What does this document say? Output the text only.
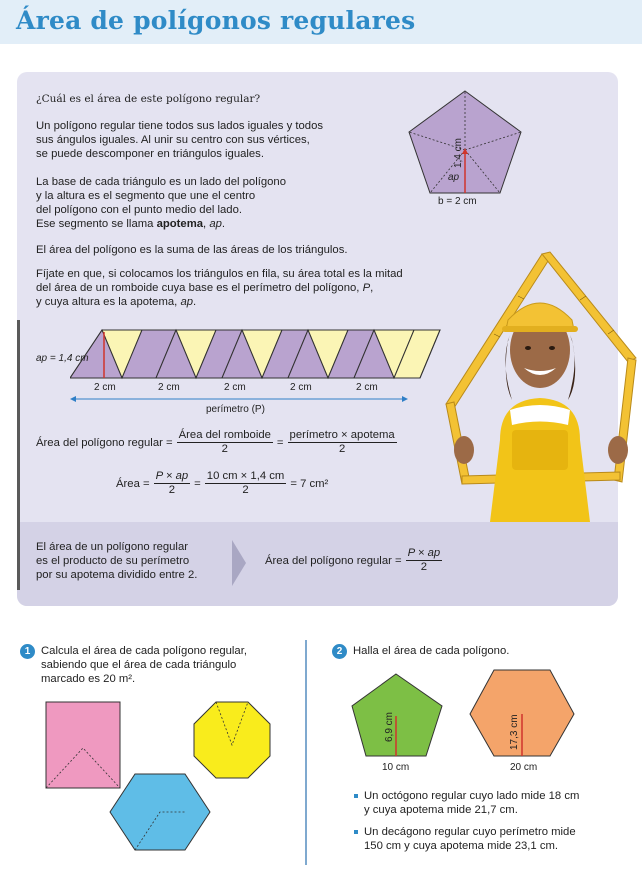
Área de polígonos regulares
¿Cuál es el área de este polígono regular?
Un polígono regular tiene todos sus lados iguales y todos
sus ángulos iguales. Al unir su centro con sus vértices,
se puede descomponer en triángulos iguales.
La base de cada triángulo es un lado del polígono
y la altura es el segmento que une el centro
del polígono con el punto medio del lado.
Ese segmento se llama apotema, ap.
El área del polígono es la suma de las áreas de los triángulos.
Fíjate en que, si colocamos los triángulos en fila, su área total es la mitad
del área de un romboide cuya base es el perímetro del polígono, P,
y cuya altura es la apotema, ap.
ap
1,4 cm
b = 2 cm
ap = 1,4 cm
2 cm	2 cm	2 cm	2 cm	2 cm
perímetro (P)
Área del polígono regular = $\frac{\text{Área del romboide}}{2} = \frac{\text{perímetro × apotema}}{2}$
Área = $\frac{P \times ap}{2} = \frac{10 cm \times 1,4 cm}{2} = 7$ cm²
El área de un polígono regular
es el producto de su perímetro
por su apotema dividido entre 2.
Área del polígono regular = $\frac{P \times ap}{2}$
1 Calcula el área de cada polígono regular,
sabiendo que el área de cada triángulo
marcado es 20 m².
2 Halla el área de cada polígono.
6,9 cm
10 cm
17,3 cm
20 cm
Un octógono regular cuyo lado mide 18 cm
y cuya apotema mide 21,7 cm.
Un decágono regular cuyo perímetro mide
150 cm y cuya apotema mide 23,1 cm.
